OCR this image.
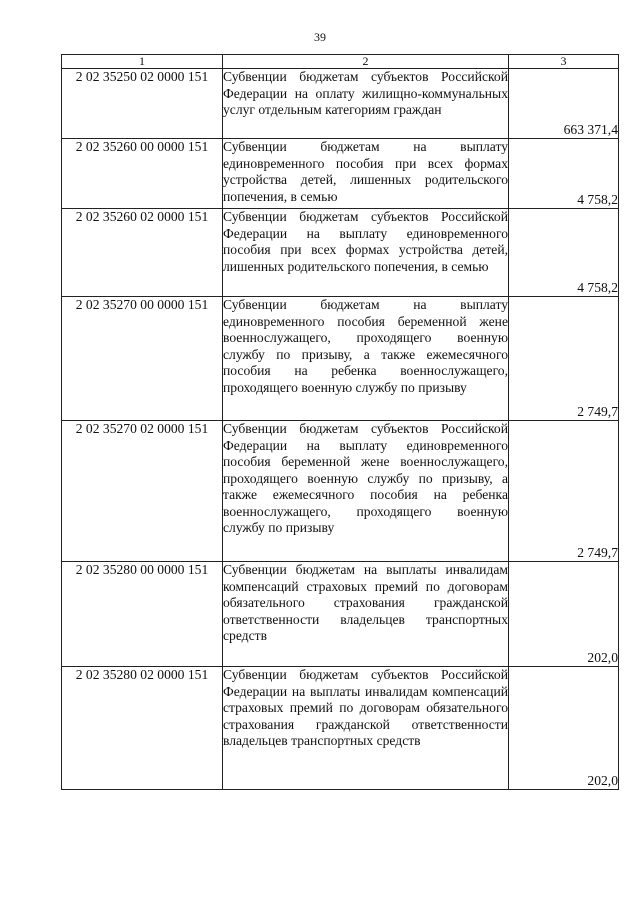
39
1	2	3
2 02 35250 02 0000 151	Субвенции бюджетам субъектов Российской Федерации на оплату жилищно-коммунальных услуг отдельным категориям граждан	663 371,4
2 02 35260 00 0000 151	Субвенции бюджетам на выплату единовременного пособия при всех формах устройства детей, лишенных родительского попечения, в семью	4 758,2
2 02 35260 02 0000 151	Субвенции бюджетам субъектов Российской Федерации на выплату единовременного пособия при всех формах устройства детей, лишенных родительского попечения, в семью	4 758,2
2 02 35270 00 0000 151	Субвенции бюджетам на выплату единовременного пособия беременной жене военнослужащего, проходящего военную службу по призыву, а также ежемесячного пособия на ребенка военнослужащего, проходящего военную службу по призыву	2 749,7
2 02 35270 02 0000 151	Субвенции бюджетам субъектов Российской Федерации на выплату единовременного пособия беременной жене военнослужащего, проходящего военную службу по призыву, а также ежемесячного пособия на ребенка военнослужащего, проходящего военную службу по призыву	2 749,7
2 02 35280 00 0000 151	Субвенции бюджетам на выплаты инвалидам компенсаций страховых премий по договорам обязательного страхования гражданской ответственности владельцев транспортных средств	202,0
2 02 35280 02 0000 151	Субвенции бюджетам субъектов Российской Федерации на выплаты инвалидам компенсаций страховых премий по договорам обязательного страхования гражданской ответственности владельцев транспортных средств	202,0
